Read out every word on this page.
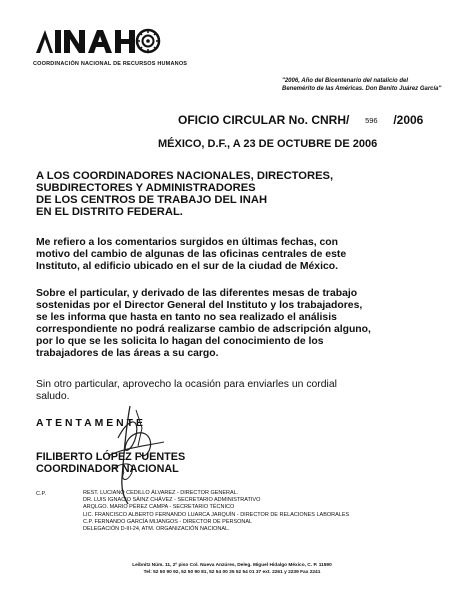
COORDINACIÓN NACIONAL DE RECURSOS HUMANOS
"2006, Año del Bicentenario del natalicio del Benemérito de las Américas. Don Benito Juárez García"
OFICIO CIRCULAR No. CNRH/ 596 /2006
MÉXICO, D.F., A 23 DE OCTUBRE DE 2006
A LOS COORDINADORES NACIONALES, DIRECTORES,
SUBDIRECTORES Y ADMINISTRADORES
DE LOS CENTROS DE TRABAJO DEL INAH
EN EL DISTRITO FEDERAL.
Me refiero a los comentarios surgidos en últimas fechas, con
motivo del cambio de algunas de las oficinas centrales de este
Instituto, al edificio ubicado en el sur de la ciudad de México.
Sobre el particular, y derivado de las diferentes mesas de trabajo
sostenidas por el Director General del Instituto y los trabajadores,
se les informa que hasta en tanto no sea realizado el análisis
correspondiente no podrá realizarse cambio de adscripción alguno,
por lo que se les solicita lo hagan del conocimiento de los
trabajadores de las áreas a su cargo.
Sin otro particular, aprovecho la ocasión para enviarles un cordial
saludo.
ATENTAMENTE
FILIBERTO LÓPEZ FUENTES
COORDINADOR NACIONAL
C.P.	REST. LUCIANO CEDILLO ÁLVAREZ - DIRECTOR GENERAL.
DR. LUIS IGNACIO SÁINZ CHÁVEZ - SECRETARIO ADMINISTRATIVO
ARQLGO. MARIO PÉREZ CAMPA - SECRETARIO TÉCNICO
LIC. FRANCISCO ALBERTO FERNANDO LUARCA JARQUÍN - DIRECTOR DE RELACIONES LABORALES
C.P. FERNANDO GARCÍA MIJANGOS - DIRECTOR DE PERSONAL
DELEGACIÓN D-III-24, ATM. ORGANIZACIÓN NACIONAL.
Leibnitz Núm. 11, 2º piso Col. Nueva Anzúres, Deleg. Miguel Hidalgo México, C. P. 11590
Tel: 52 50 90 92, 52 50 90 81, 52 54 00 35 52 54 01 37 ext. 2261 y 2239 Fax 2241
